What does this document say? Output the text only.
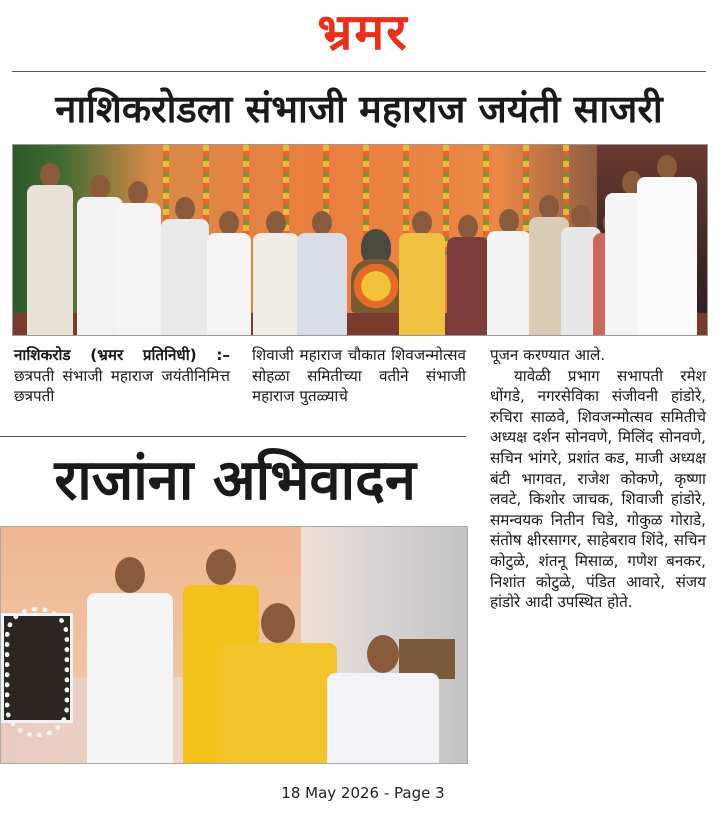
भ्रमर
नाशिकरोडला संभाजी महाराज जयंती साजरी
नाशिकरोड (भ्रमर प्रतिनिधी) :– छत्रपती संभाजी महाराज जयंतीनिमित्त छत्रपती
शिवाजी महाराज चौकात शिवजन्मोत्सव सोहळा समितीच्या वतीने संभाजी महाराज पुतळ्याचे
पूजन करण्यात आले.
यावेळी प्रभाग सभापती रमेश धोंगडे, नगरसेविका संजीवनी हांडोरे, रुचिरा साळवे, शिवजन्मोत्सव समितीचे अध्यक्ष दर्शन सोनवणे, मिलिंद सोनवणे, सचिन भांगरे, प्रशांत कड, माजी अध्यक्ष बंटी भागवत, राजेश कोकणे, कृष्णा लवटे, किशोर जाचक, शिवाजी हांडोरे, समन्वयक नितीन चिडे, गोकुळ गोराडे, संतोष क्षीरसागर, साहेबराव शिंदे, सचिन कोटुळे, शंतनू मिसाळ, गणेश बनकर, निशांत कोटुळे, पंडित आवारे, संजय हांडोरे आदी उपस्थित होते.
राजांना अभिवादन
18 May 2026 - Page 3
